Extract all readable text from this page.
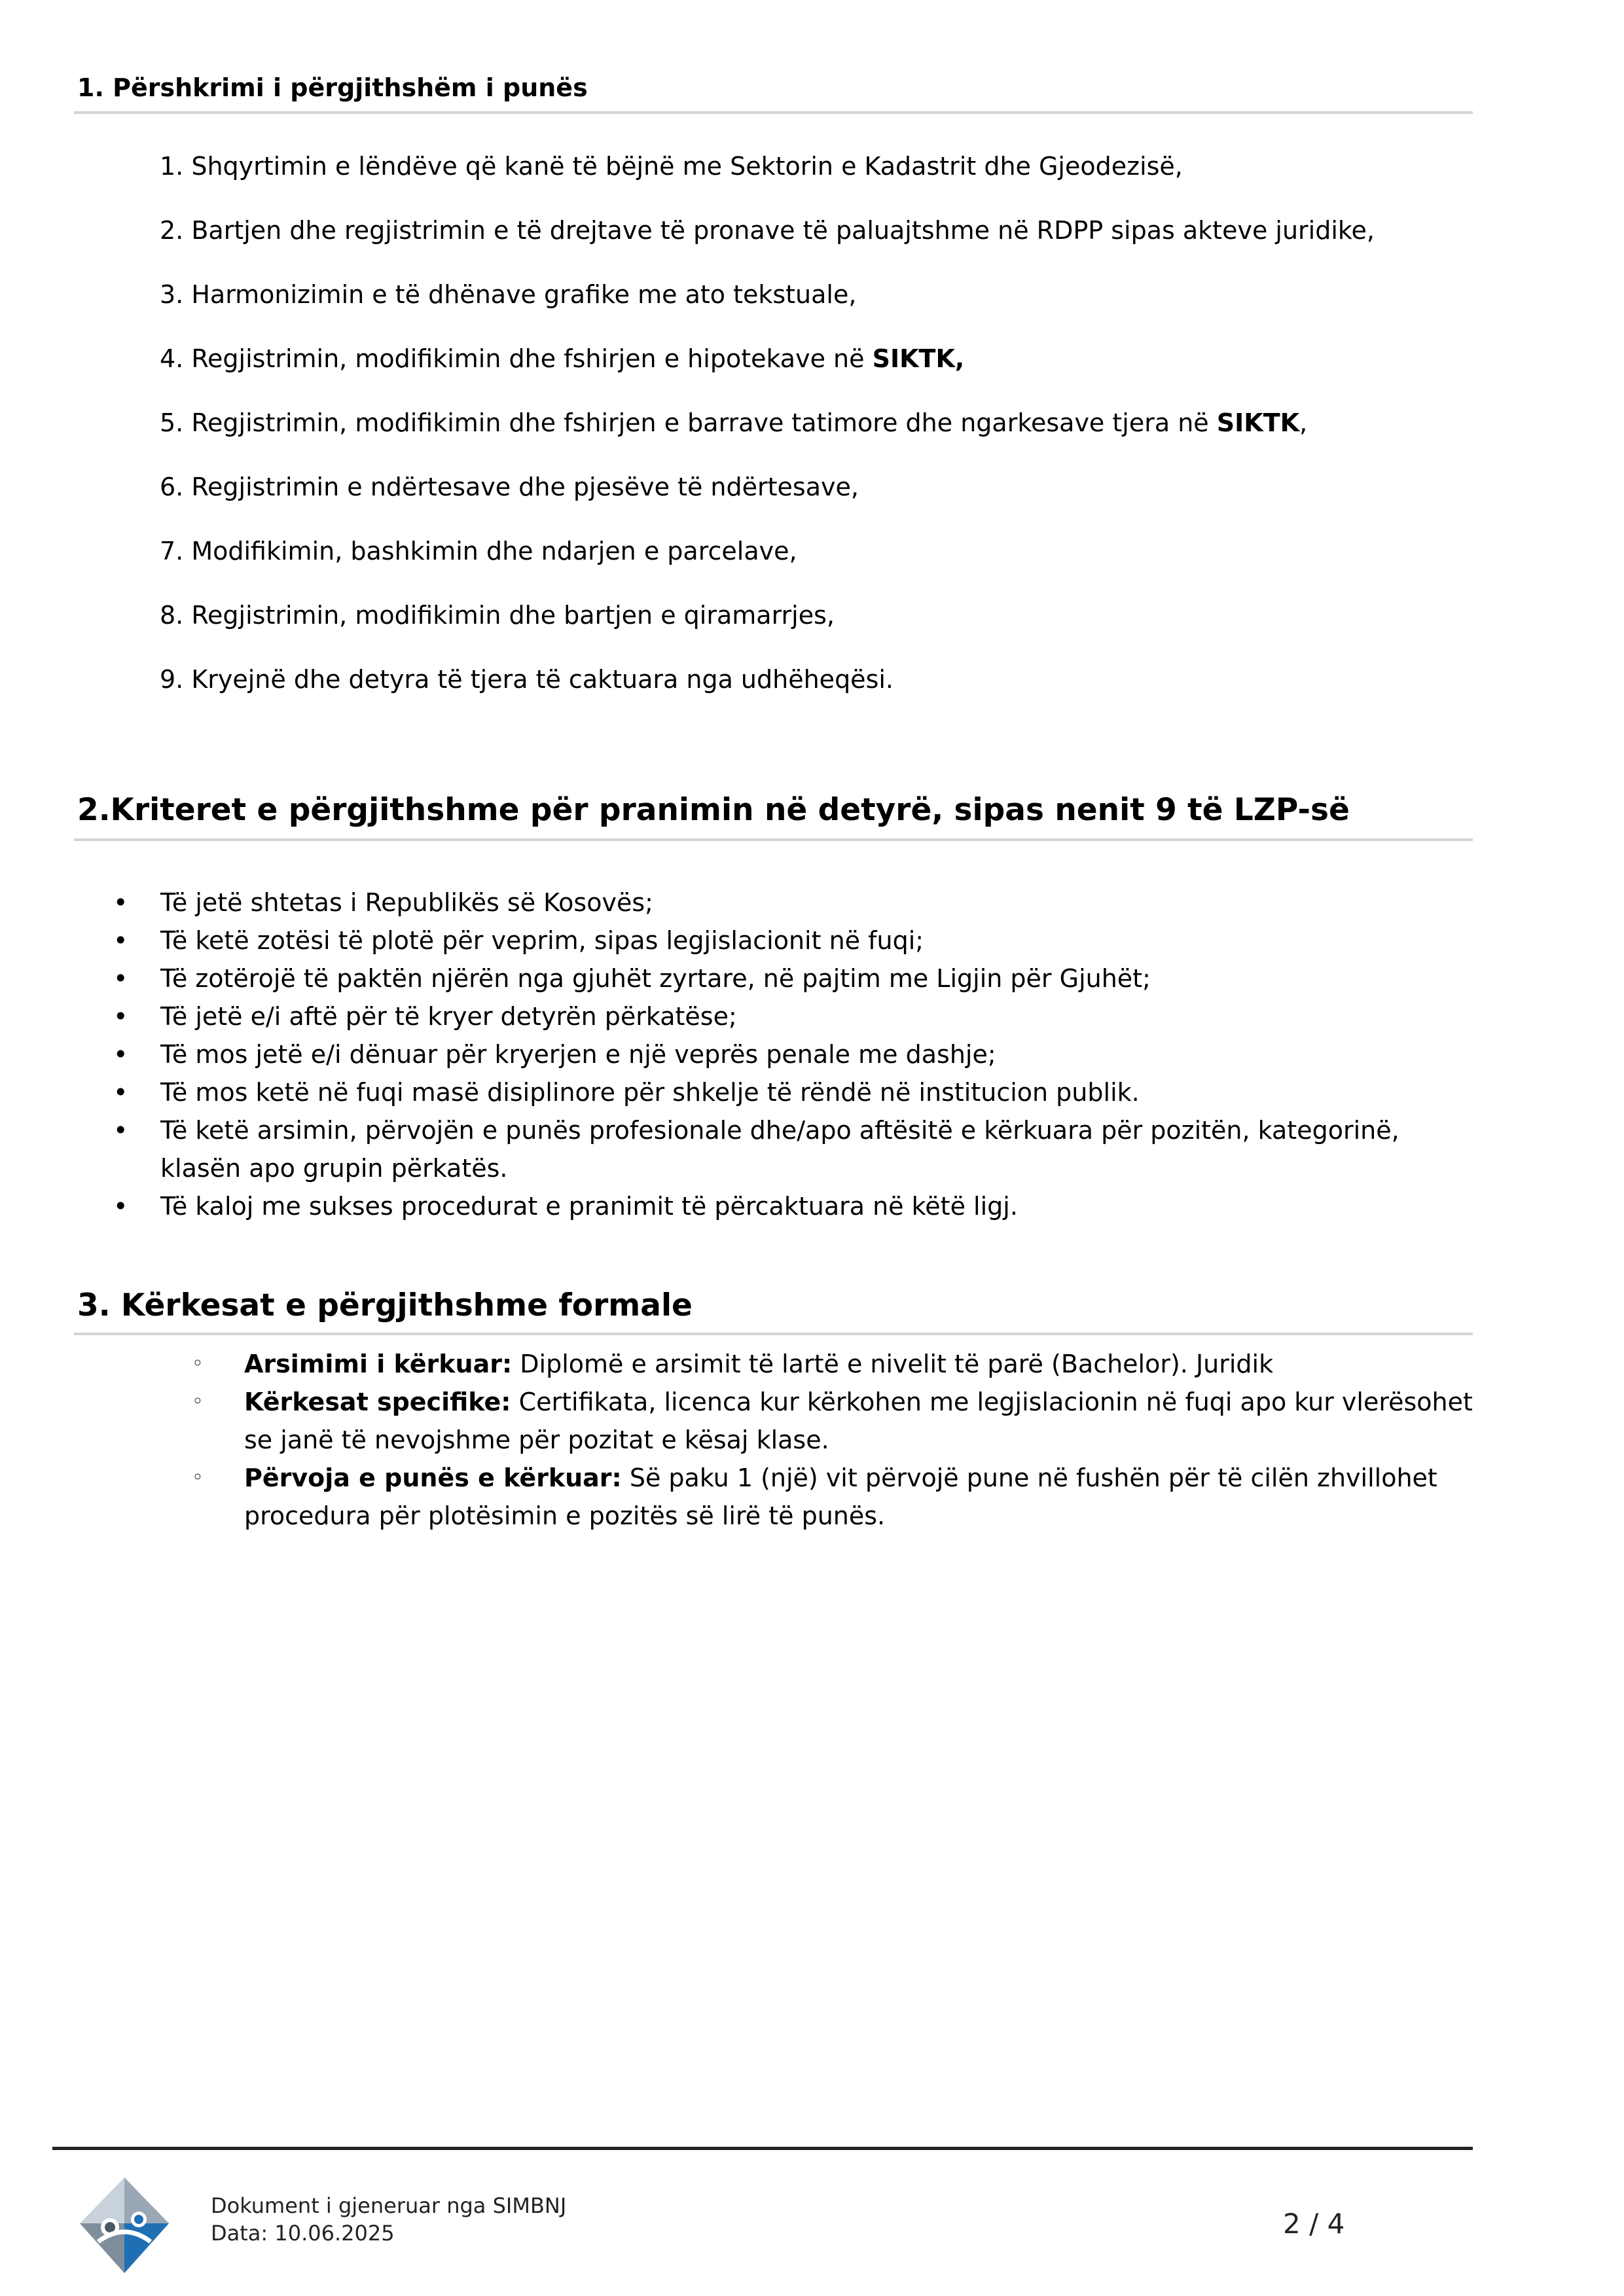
1. Përshkrimi i përgjithshëm i punës
1. Shqyrtimin e lëndëve që kanë të bëjnë me Sektorin e Kadastrit dhe Gjeodezisë,
2. Bartjen dhe regjistrimin e të drejtave të pronave të paluajtshme në RDPP sipas akteve juridike,
3. Harmonizimin e të dhënave grafike me ato tekstuale,
4. Regjistrimin, modifikimin dhe fshirjen e hipotekave në SIKTK,
5. Regjistrimin, modifikimin dhe fshirjen e barrave tatimore dhe ngarkesave tjera në SIKTK,
6. Regjistrimin e ndërtesave dhe pjesëve të ndërtesave,
7. Modifikimin, bashkimin dhe ndarjen e parcelave,
8. Regjistrimin, modifikimin dhe bartjen e qiramarrjes,
9. Kryejnë dhe detyra të tjera të caktuara nga udhëheqësi.
2.Kriteret e përgjithshme për pranimin në detyrë, sipas nenit 9 të LZP-së
• Të jetë shtetas i Republikës së Kosovës;
• Të ketë zotësi të plotë për veprim, sipas legjislacionit në fuqi;
• Të zotërojë të paktën njërën nga gjuhët zyrtare, në pajtim me Ligjin për Gjuhët;
• Të jetë e/i aftë për të kryer detyrën përkatëse;
• Të mos jetë e/i dënuar për kryerjen e një veprës penale me dashje;
• Të mos ketë në fuqi masë disiplinore për shkelje të rëndë në institucion publik.
• Të ketë arsimin, përvojën e punës profesionale dhe/apo aftësitë e kërkuara për pozitën, kategorinë, klasën apo grupin përkatës.
• Të kaloj me sukses procedurat e pranimit të përcaktuara në këtë ligj.
3. Kërkesat e përgjithshme formale
◦ Arsimimi i kërkuar: Diplomë e arsimit të lartë e nivelit të parë (Bachelor). Juridik
◦ Kërkesat specifike: Certifikata, licenca kur kërkohen me legjislacionin në fuqi apo kur vlerësohet se janë të nevojshme për pozitat e kësaj klase.
◦ Përvoja e punës e kërkuar: Së paku 1 (një) vit përvojë pune në fushën për të cilën zhvillohet procedura për plotësimin e pozitës së lirë të punës.
Dokument i gjeneruar nga SIMBNJ
Data: 10.06.2025	2 / 4
